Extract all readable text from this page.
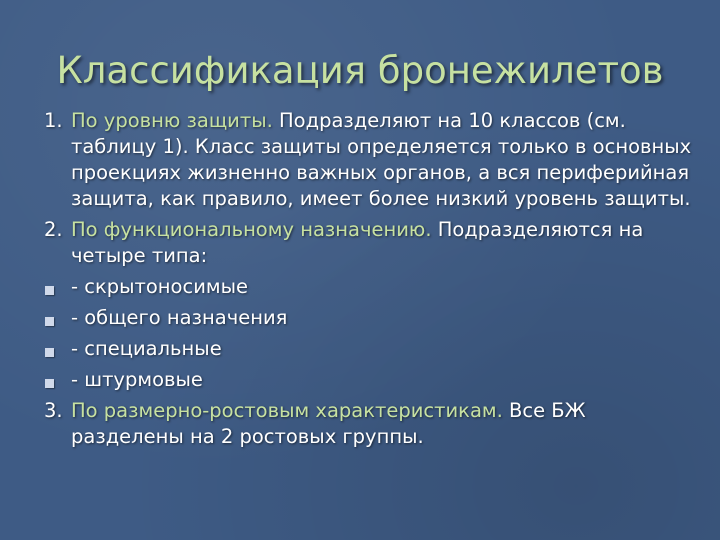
Классификация бронежилетов
1. По уровню защиты. Подразделяют на 10 классов (см. таблицу 1). Класс защиты определяется только в основных проекциях жизненно важных органов, а вся периферийная защита, как правило, имеет более низкий уровень защиты.
2. По функциональному назначению. Подразделяются на четыре типа:
- скрытоносимые
- общего назначения
- специальные
- штурмовые
3. По размерно-ростовым характеристикам. Все БЖ разделены на 2 ростовых группы.
